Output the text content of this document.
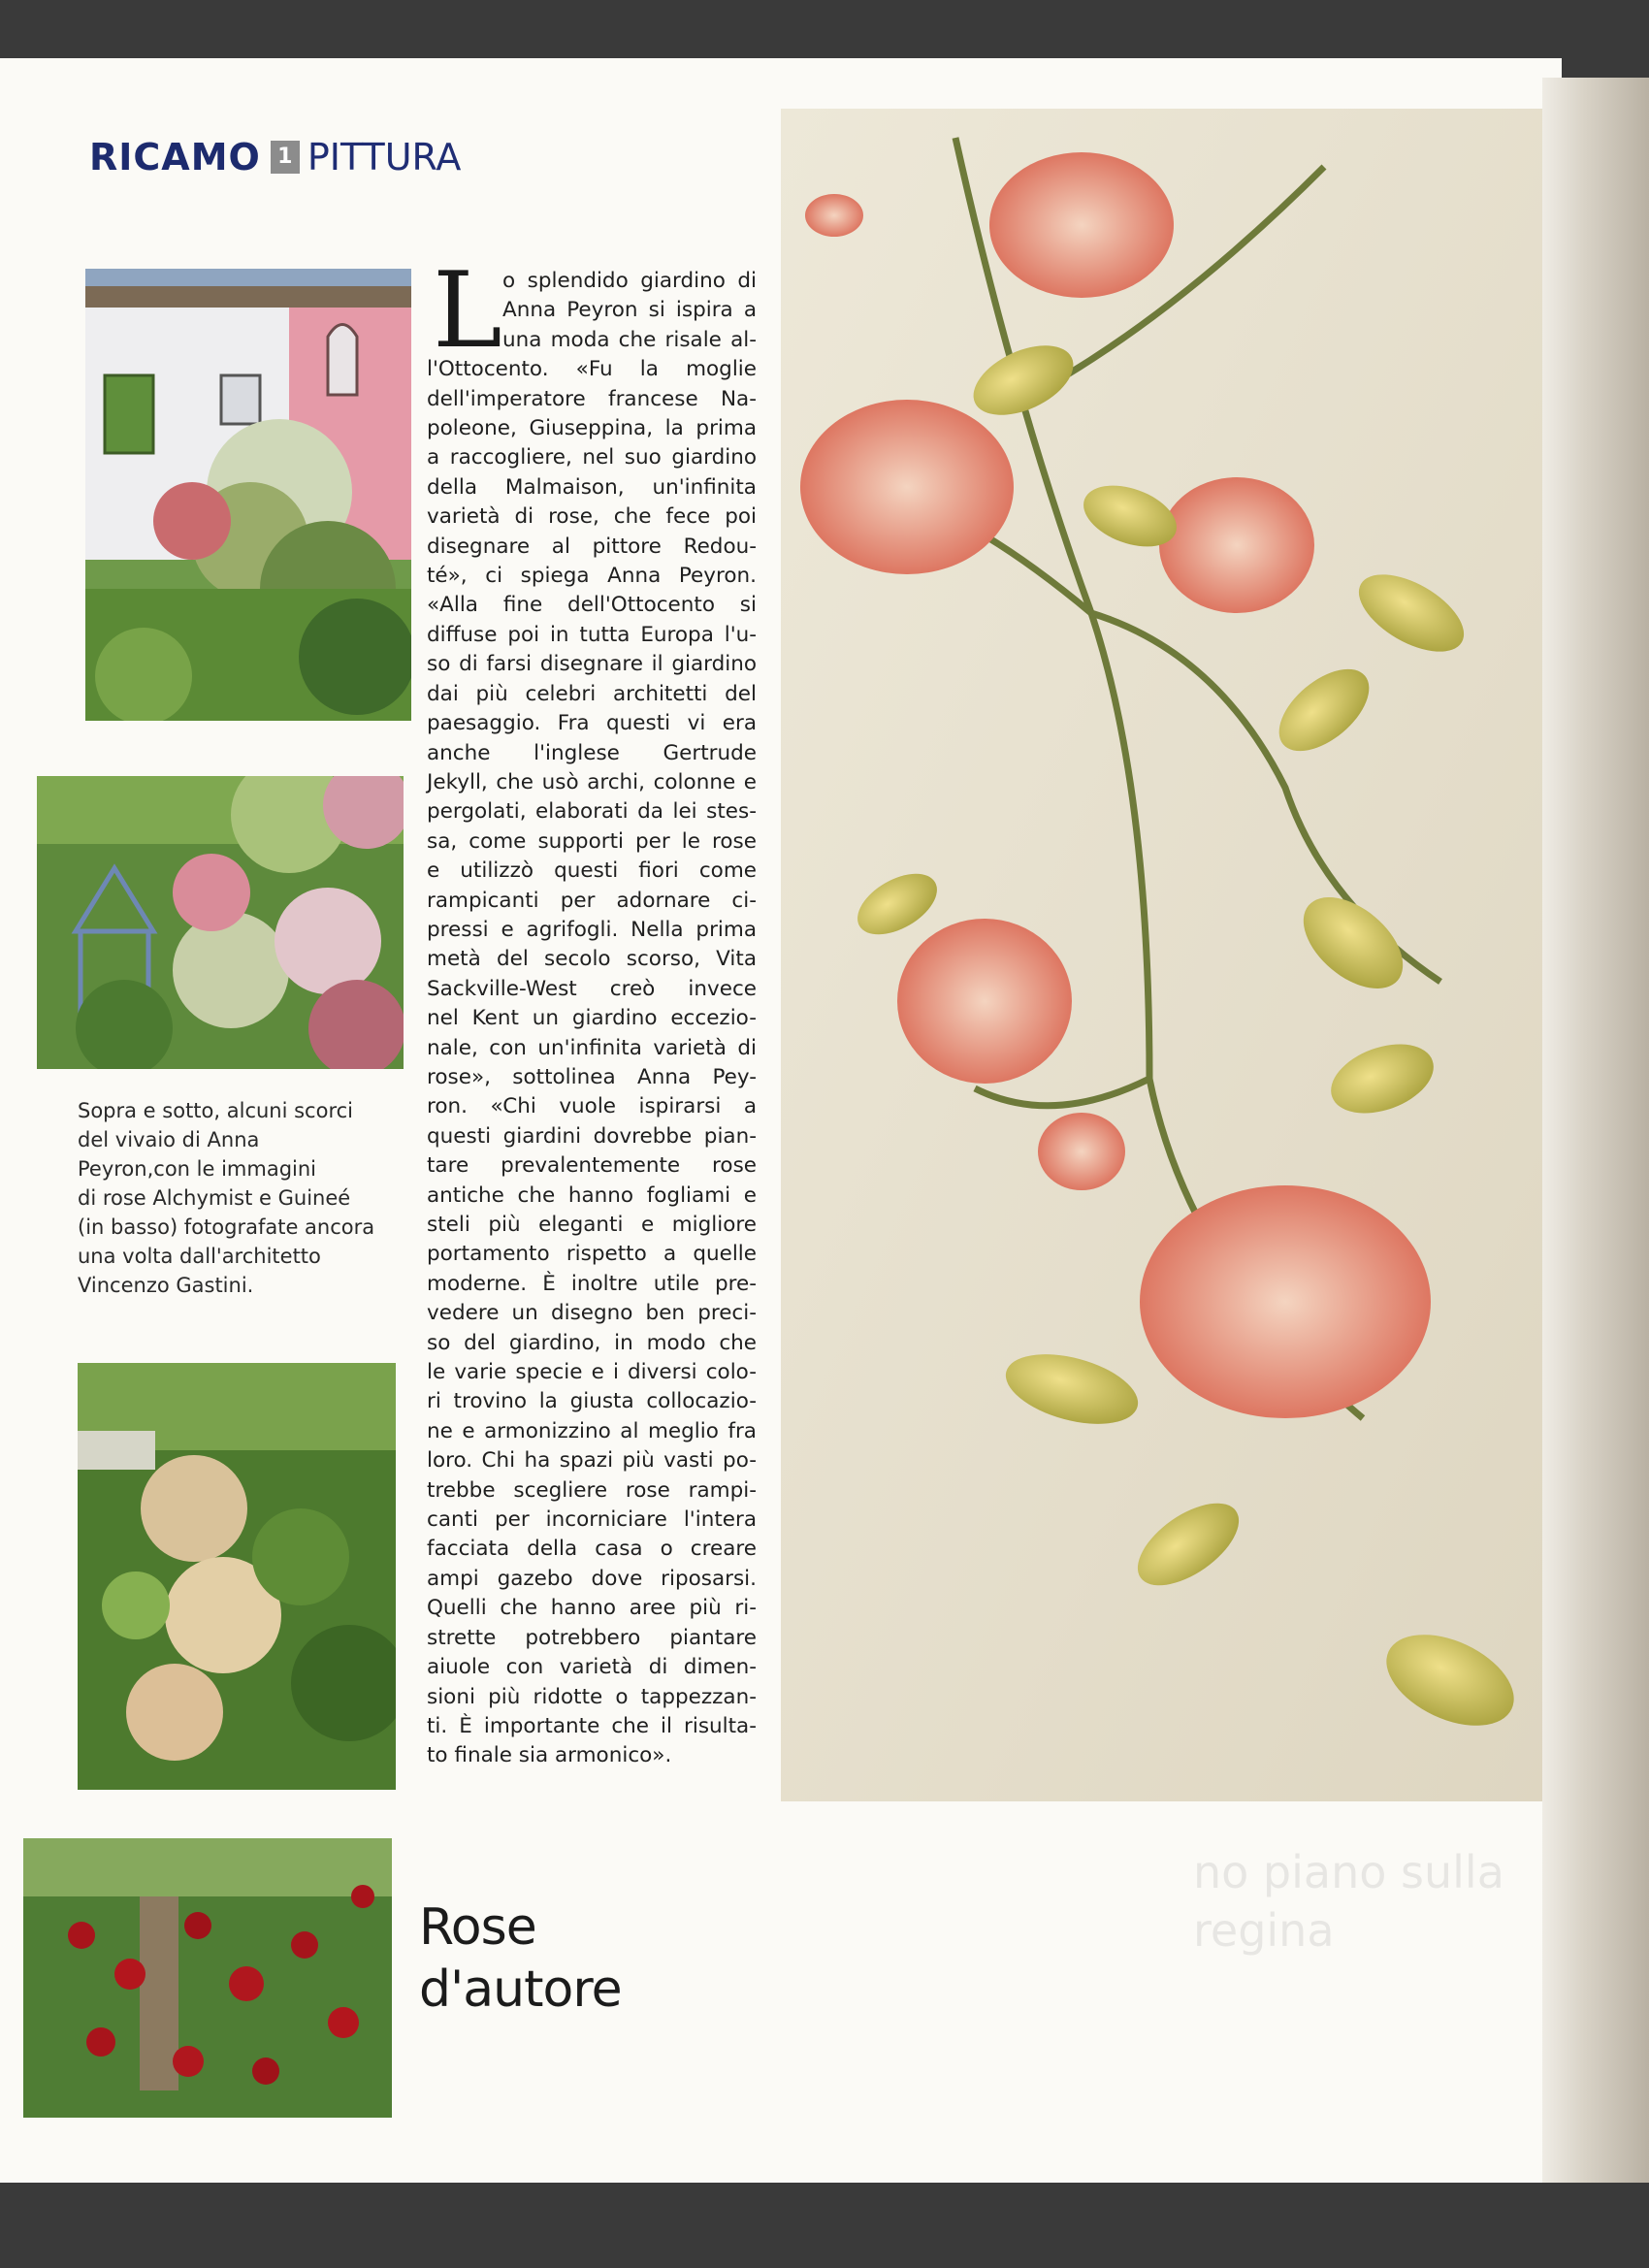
RICAMO 1 PITTURA
Sopra e sotto, alcuni scorci
del vivaio di Anna
Peyron,con le immagini
di rose Alchymist e Guineé
(in basso) fotografate ancora
una volta dall'architetto
Vincenzo Gastini.
L o splendido giardino di
Anna Peyron si ispira a
una moda che risale al-
l'Ottocento. «Fu la moglie
dell'imperatore francese Na-
poleone, Giuseppina, la prima
a raccogliere, nel suo giardino
della Malmaison, un'infinita
varietà di rose, che fece poi
disegnare al pittore Redou-
té», ci spiega Anna Peyron.
«Alla fine dell'Ottocento si
diffuse poi in tutta Europa l'u-
so di farsi disegnare il giardino
dai più celebri architetti del
paesaggio. Fra questi vi era
anche l'inglese Gertrude
Jekyll, che usò archi, colonne e
pergolati, elaborati da lei stes-
sa, come supporti per le rose
e utilizzò questi fiori come
rampicanti per adornare ci-
pressi e agrifogli. Nella prima
metà del secolo scorso, Vita
Sackville-West creò invece
nel Kent un giardino eccezio-
nale, con un'infinita varietà di
rose», sottolinea Anna Pey-
ron. «Chi vuole ispirarsi a
questi giardini dovrebbe pian-
tare prevalentemente rose
antiche che hanno fogliami e
steli più eleganti e migliore
portamento rispetto a quelle
moderne. È inoltre utile pre-
vedere un disegno ben preci-
so del giardino, in modo che
le varie specie e i diversi colo-
ri trovino la giusta collocazio-
ne e armonizzino al meglio fra
loro. Chi ha spazi più vasti po-
trebbe scegliere rose rampi-
canti per incorniciare l'intera
facciata della casa o creare
ampi gazebo dove riposarsi.
Quelli che hanno aree più ri-
strette potrebbero piantare
aiuole con varietà di dimen-
sioni più ridotte o tappezzan-
ti. È importante che il risulta-
to finale sia armonico».
Rose
d'autore
no piano sulla regina
